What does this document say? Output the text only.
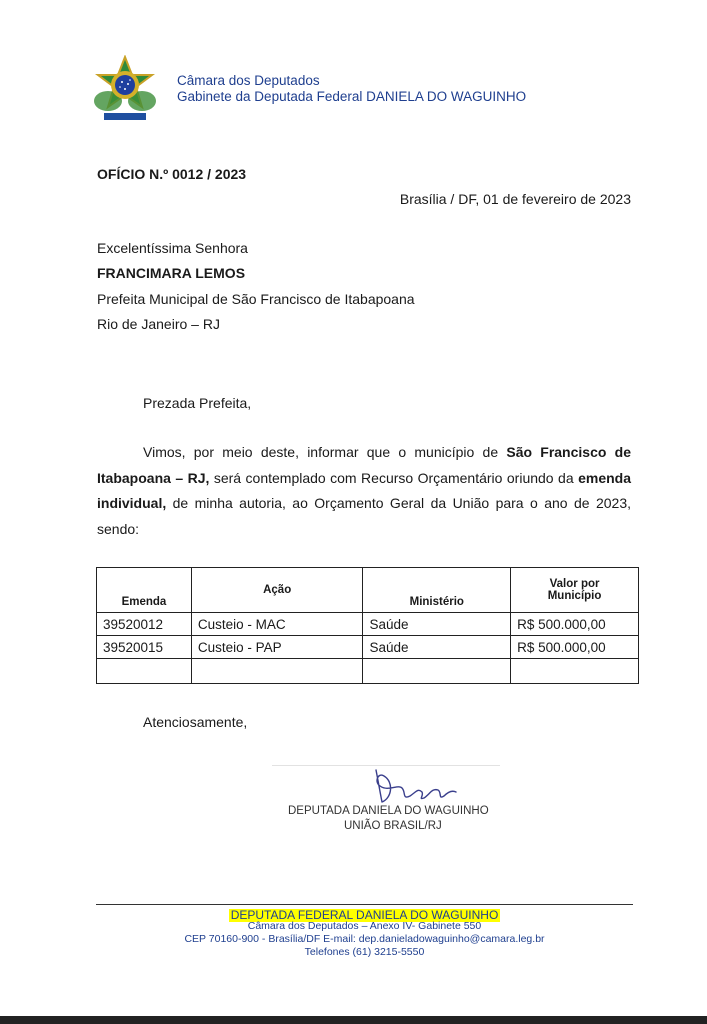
Câmara dos Deputados
Gabinete da Deputada Federal DANIELA DO WAGUINHO
OFÍCIO N.º 0012 / 2023
Brasília / DF, 01 de fevereiro de 2023
Excelentíssima Senhora
FRANCIMARA LEMOS
Prefeita Municipal de São Francisco de Itabapoana
Rio de Janeiro – RJ
Prezada Prefeita,
Vimos, por meio deste, informar que o município de São Francisco de Itabapoana – RJ, será contemplado com Recurso Orçamentário oriundo da emenda individual, de minha autoria, ao Orçamento Geral da União para o ano de 2023, sendo:
Emenda	Ação	Ministério	Valor por Município
39520012	Custeio - MAC	Saúde	R$ 500.000,00
39520015	Custeio - PAP	Saúde	R$ 500.000,00

Atenciosamente,
DEPUTADA DANIELA DO WAGUINHO
UNIÃO BRASIL/RJ
DEPUTADA FEDERAL DANIELA DO WAGUINHO
Câmara dos Deputados – Anexo IV- Gabinete 550
CEP 70160-900 - Brasília/DF E-mail: dep.danieladowaguinho@camara.leg.br
Telefones (61) 3215-5550
